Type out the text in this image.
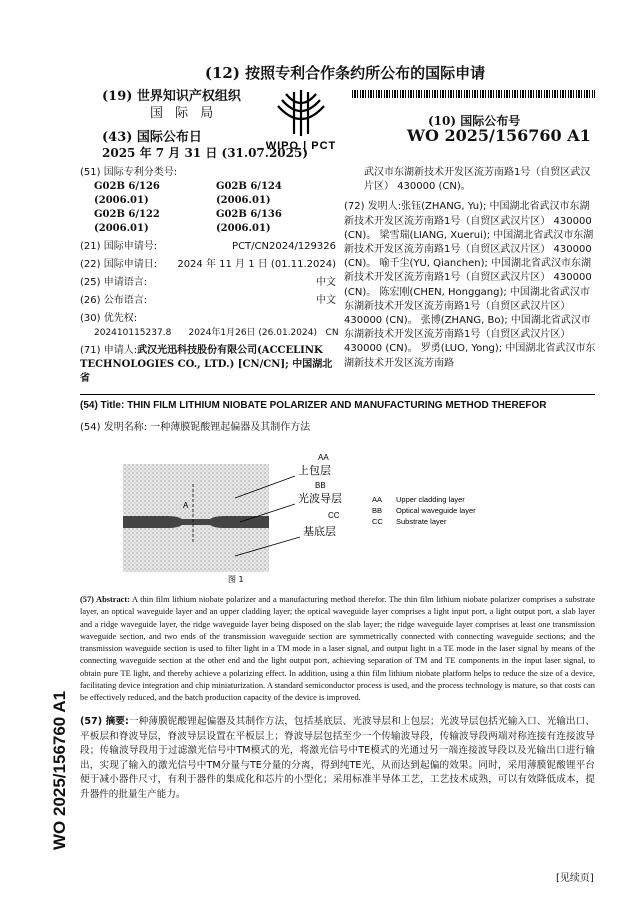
(12) 按照专利合作条约所公布的国际申请
(19) 世界知识产权组织
国 际 局
(43) 国际公布日
2025 年 7 月 31 日 (31.07.2025)
WIPO | PCT
(10) 国际公布号
WO 2025/156760 A1
(51) 国际专利分类号:
G02B 6/126 (2006.01)
G02B 6/124 (2006.01)
G02B 6/122 (2006.01)
G02B 6/136 (2006.01)
(21) 国际申请号:	PCT/CN2024/129326
(22) 国际申请日: 2024 年 11 月 1 日 (01.11.2024)
(25) 申请语言:	中文
(26) 公布语言:	中文
(30) 优先权:
202410115237.8      2024年1月26日 (26.01.2024)   CN
(71) 申请人:武汉光迅科技股份有限公司(ACCELINK TECHNOLOGIES CO., LTD.) [CN/CN]; 中国湖北省
武汉市东湖新技术开发区流芳南路1号（自贸区武汉片区） 430000 (CN)。
(72) 发明人:张钰(ZHANG, Yu); 中国湖北省武汉市东湖新技术开发区流芳南路1号（自贸区武汉片区） 430000 (CN)。 梁雪瑞(LIANG, Xuerui); 中国湖北省武汉市东湖新技术开发区流芳南路1号（自贸区武汉片区） 430000 (CN)。 喻千尘(YU, Qianchen); 中国湖北省武汉市东湖新技术开发区流芳南路1号（自贸区武汉片区） 430000 (CN)。 陈宏刚(CHEN, Honggang); 中国湖北省武汉市东湖新技术开发区流芳南路1号（自贸区武汉片区） 430000 (CN)。 张博(ZHANG, Bo); 中国湖北省武汉市东湖新技术开发区流芳南路1号（自贸区武汉片区） 430000 (CN)。 罗勇(LUO, Yong); 中国湖北省武汉市东湖新技术开发区流芳南路
(54) Title: THIN FILM LITHIUM NIOBATE POLARIZER AND MANUFACTURING METHOD THEREFOR
(54) 发明名称: 一种薄膜铌酸锂起偏器及其制作方法
A
AA
上包层
BB
光波导层
CC
基底层
AA Upper cladding layer
BB Optical waveguide layer
CC Substrate layer
图 1
(57) Abstract: A thin film lithium niobate polarizer and a manufacturing method therefor. The thin film lithium niobate polarizer comprises a substrate layer, an optical waveguide layer and an upper cladding layer; the optical waveguide layer comprises a light input port, a light output port, a slab layer and a ridge waveguide layer, the ridge waveguide layer being disposed on the slab layer; the ridge waveguide layer comprises at least one transmission waveguide section, and two ends of the transmission waveguide section are symmetrically connected with connecting waveguide sections; and the transmission waveguide section is used to filter light in a TM mode in a laser signal, and output light in a TE mode in the laser signal by means of the connecting waveguide section at the other end and the light output port, achieving separation of TM and TE components in the input laser signal, to obtain pure TE light, and thereby achieve a polarizing effect. In addition, using a thin film lithium niobate platform helps to reduce the size of a device, facilitating device integration and chip miniaturization. A standard semiconductor process is used, and the process technology is mature, so that costs can be effectively reduced, and the batch production capacity of the device is improved.
(57) 摘要:一种薄膜铌酸锂起偏器及其制作方法，包括基底层、光波导层和上包层；光波导层包括光输入口、光输出口、平板层和脊波导层，脊波导层设置在平板层上；脊波导层包括至少一个传输波导段，传输波导段两端对称连接有连接波导段；传输波导段用于过滤激光信号中TM模式的光，将激光信号中TE模式的光通过另一端连接波导段以及光输出口进行输出，实现了输入的激光信号中TM分量与TE分量的分离，得到纯TE光，从而达到起偏的效果。同时，采用薄膜铌酸锂平台便于减小器件尺寸，有利于器件的集成化和芯片的小型化；采用标准半导体工艺，工艺技术成熟，可以有效降低成本，提升器件的批量生产能力。
WO 2025/156760 A1
[见续页]
